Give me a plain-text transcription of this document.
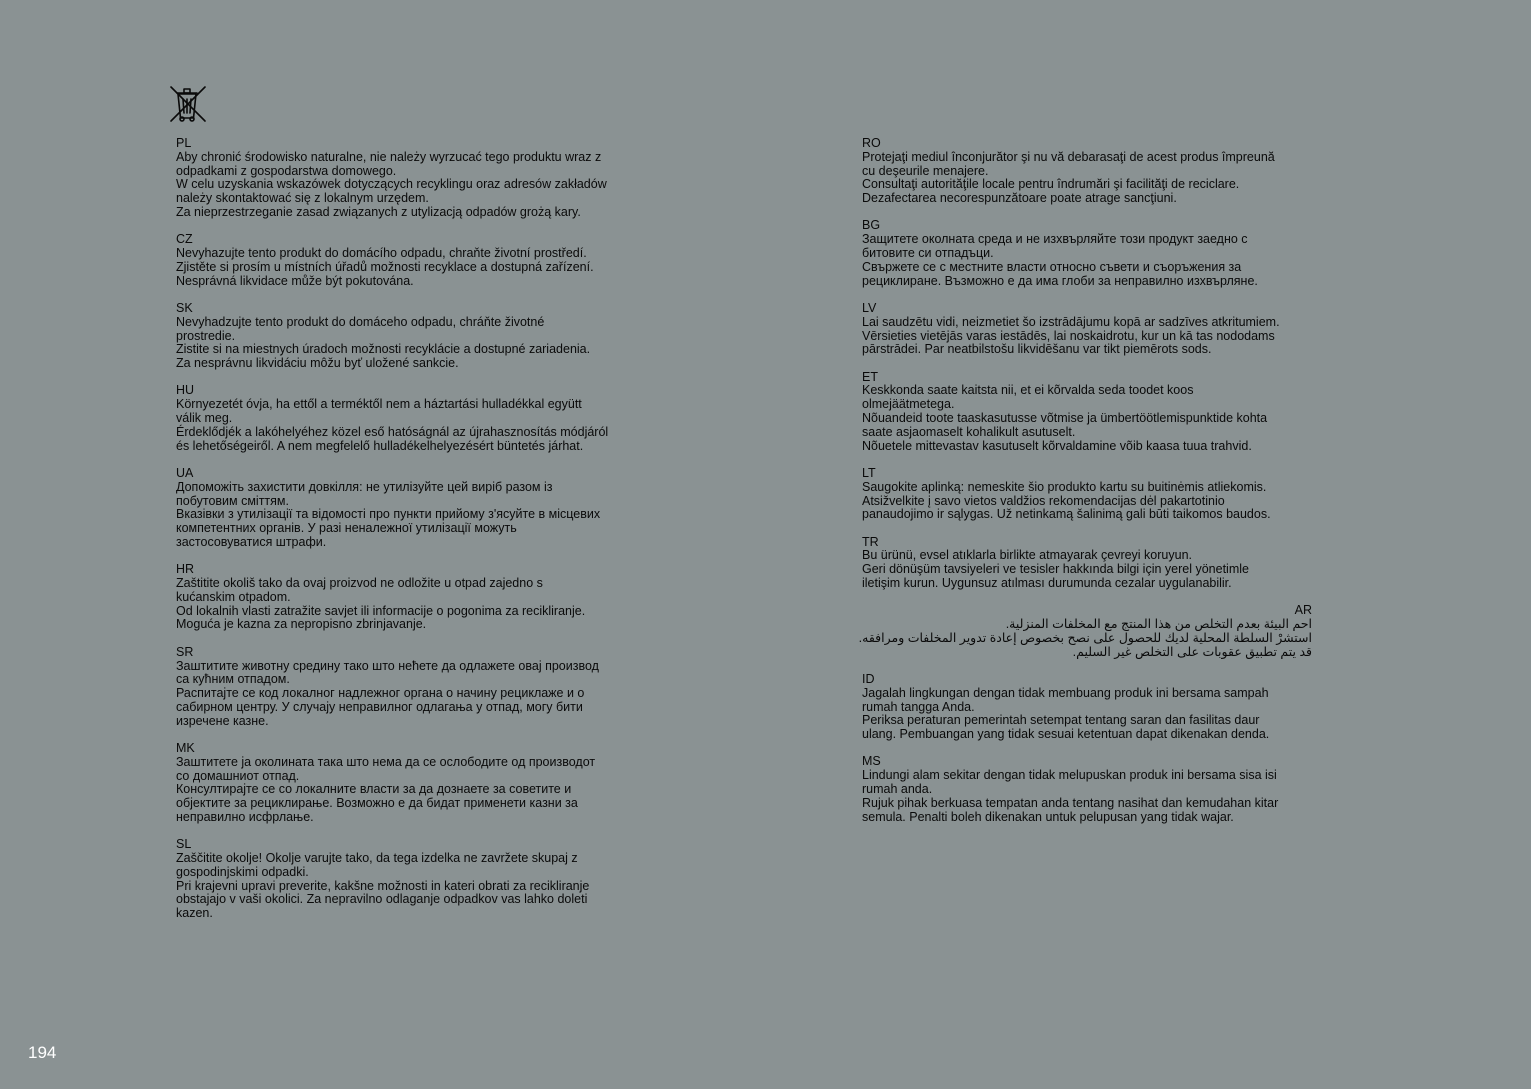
PL

Aby chronić środowisko naturalne, nie należy wyrzucać tego produktu wraz z

odpadkami z gospodarstwa domowego.

W celu uzyskania wskazówek dotyczących recyklingu oraz adresów zakładów

należy skontaktować się z lokalnym urzędem.

Za nieprzestrzeganie zasad związanych z utylizacją odpadów grożą kary.

CZ

Nevyhazujte tento produkt do domácího odpadu, chraňte životní prostředí.

Zjistěte si prosím u místních úřadů možnosti recyklace a dostupná zařízení.

Nesprávná likvidace může být pokutována.

SK

Nevyhadzujte tento produkt do domáceho odpadu, chráňte životné

prostredie.

Zistite si na miestnych úradoch možnosti recyklácie a dostupné zariadenia.

Za nesprávnu likvidáciu môžu byť uložené sankcie.

HU

Környezetét óvja, ha ettől a terméktől nem a háztartási hulladékkal együtt

válik meg.

Érdeklődjék a lakóhelyéhez közel eső hatóságnál az újrahasznosítás módjáról

és lehetőségeiről. A nem megfelelő hulladékelhelyezésért büntetés járhat.

UA

Допоможіть захистити довкілля: не утилізуйте цей виріб разом із

побутовим сміттям.

Вказівки з утилізації та відомості про пункти прийому з'ясуйте в місцевих

компетентних органів. У разі неналежної утилізації можуть

застосовуватися штрафи.

HR

Zaštitite okoliš tako da ovaj proizvod ne odložite u otpad zajedno s

kućanskim otpadom.

Od lokalnih vlasti zatražite savjet ili informacije o pogonima za recikliranje.

Moguća je kazna za nepropisno zbrinjavanje.

SR

Заштитите животну средину тако што нећете да одлажете овај производ

са кућним отпадом.

Распитајте се код локалног надлежног органа о начину рециклаже и о

сабирном центру. У случају неправилног одлагања у отпад, могу бити

изречене казне.

MK

Заштитете ја околината така што нема да се ослободите од производот

со домашниот отпад.

Консултирајте се со локалните власти за да дознаете за советите и

објектите за рециклирање. Возможно е да бидат применети казни за

неправилно исфрлање.

SL

Zaščitite okolje! Okolje varujte tako, da tega izdelka ne zavržete skupaj z

gospodinjskimi odpadki.

Pri krajevni upravi preverite, kakšne možnosti in kateri obrati za recikliranje

obstajajo v vaši okolici. Za nepravilno odlaganje odpadkov vas lahko doleti

kazen.

RO

Protejaţi mediul înconjurător şi nu vă debarasaţi de acest produs împreună

cu deşeurile menajere.

Consultaţi autorităţile locale pentru îndrumări şi facilităţi de reciclare.

Dezafectarea necorespunzătoare poate atrage sancţiuni.

BG

Защитете околната среда и не изхвърляйте този продукт заедно с

битовите си отпадъци.

Свържете се с местните власти относно съвети и съоръжения за

рециклиране. Възможно е да има глоби за неправилно изхвърляне.

LV

Lai saudzētu vidi, neizmetiet šo izstrādājumu kopā ar sadzīves atkritumiem.

Vērsieties vietējās varas iestādēs, lai noskaidrotu, kur un kā tas nododams

pārstrādei. Par neatbilstošu likvidēšanu var tikt piemērots sods.

ET

Keskkonda saate kaitsta nii, et ei kõrvalda seda toodet koos

olmejäätmetega.

Nõuandeid toote taaskasutusse võtmise ja ümbertöötlemispunktide kohta

saate asjaomaselt kohalikult asutuselt.

Nõuetele mittevastav kasutuselt kõrvaldamine võib kaasa tuua trahvid.

LT

Saugokite aplinką: nemeskite šio produkto kartu su buitinėmis atliekomis.

Atsižvelkite į savo vietos valdžios rekomendacijas dėl pakartotinio

panaudojimo ir sąlygas. Už netinkamą šalinimą gali būti taikomos baudos.

TR

Bu ürünü, evsel atıklarla birlikte atmayarak çevreyi koruyun.

Geri dönüşüm tavsiyeleri ve tesisler hakkında bilgi için yerel yönetimle

iletişim kurun. Uygunsuz atılması durumunda cezalar uygulanabilir.

AR

احم البيئة بعدم التخلص من هذا المنتج مع المخلفات المنزلية.

استشرْ السلطة المحلية لديك للحصول على نصح بخصوص إعادة تدوير المخلفات ومرافقه.

قد يتم تطبيق عقوبات على التخلص غير السليم.

ID

Jagalah lingkungan dengan tidak membuang produk ini bersama sampah

rumah tangga Anda.

Periksa peraturan pemerintah setempat tentang saran dan fasilitas daur

ulang. Pembuangan yang tidak sesuai ketentuan dapat dikenakan denda.

MS

Lindungi alam sekitar dengan tidak melupuskan produk ini bersama sisa isi

rumah anda.

Rujuk pihak berkuasa tempatan anda tentang nasihat dan kemudahan kitar

semula. Penalti boleh dikenakan untuk pelupusan yang tidak wajar.

194
